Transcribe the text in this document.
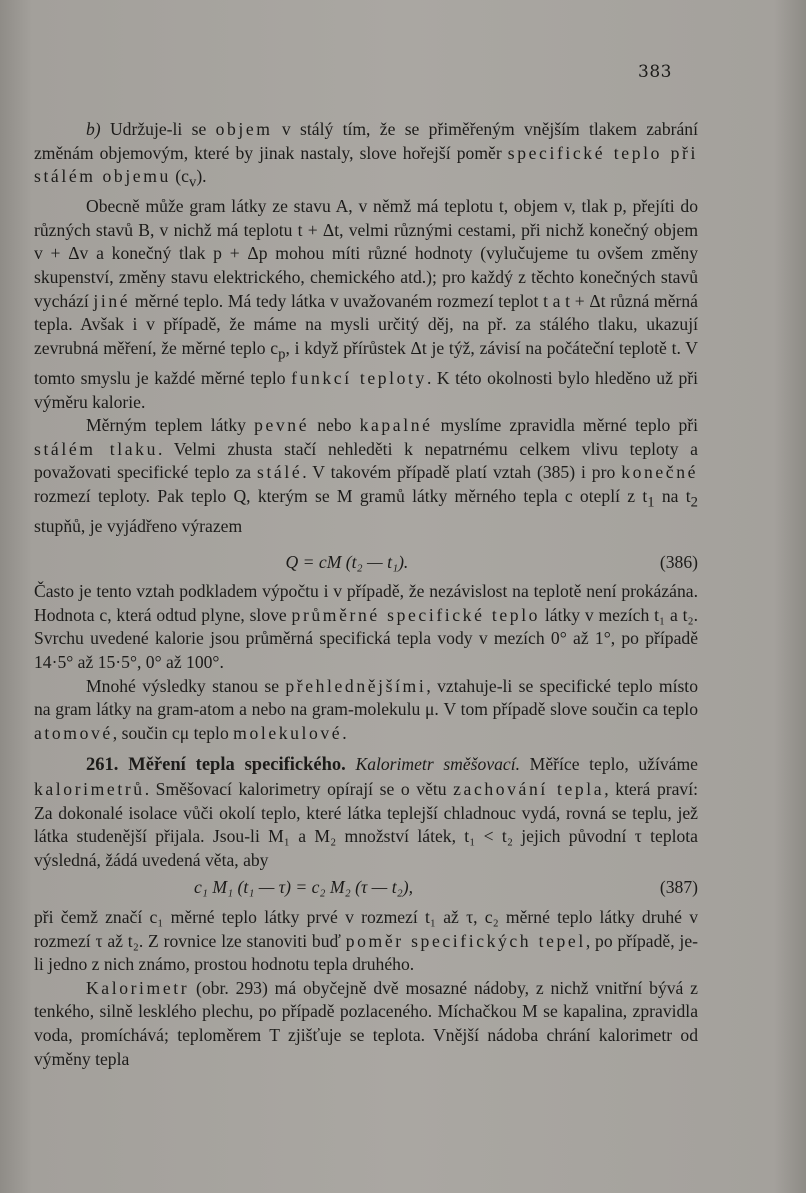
383

b) Udržuje-li se objem v stálý tím, že se přiměřeným vnějším tlakem zabrání změnám objemovým, které by jinak nastaly, slove hořejší poměr specifické teplo při stálém objemu $(c_v)$.

Obecně může gram látky ze stavu A, v němž má teplotu t, objem v, tlak p, přejíti do různých stavů B, v nichž má teplotu t + Δt, velmi různými cestami, při nichž konečný objem v + Δv a konečný tlak p + Δp mohou míti různé hodnoty (vylučujeme tu ovšem změny skupenství, změny stavu elektrického, chemického atd.); pro každý z těchto konečných stavů vychází jiné měrné teplo. Má tedy látka v uvažovaném rozmezí teplot t a t + Δt různá měrná tepla. Avšak i v případě, že máme na mysli určitý děj, na př. za stálého tlaku, ukazují zevrubná měření, že měrné teplo $c_p$, i když přírůstek Δt je týž, závisí na počáteční teplotě t. V tomto smyslu je každé měrné teplo funkcí teploty. K této okolnosti bylo hleděno už při výměru kalorie.

Měrným teplem látky pevné nebo kapalné myslíme zpravidla měrné teplo při stálém tlaku. Velmi zhusta stačí nehleděti k nepatrnému celkem vlivu teploty a považovati specifické teplo za stálé. V takovém případě platí vztah (385) i pro konečné rozmezí teploty. Pak teplo Q, kterým se M gramů látky měrného tepla c oteplí z $t_1$ na $t_2$ stupňů, je vyjádřeno výrazem

Q = cM (t₂ — t₁).	(386)

Často je tento vztah podkladem výpočtu i v případě, že nezávislost na teplotě není prokázána. Hodnota c, která odtud plyne, slove průměrné specifické teplo látky v mezích t₁ a t₂. Svrchu uvedené kalorie jsou průměrná specifická tepla vody v mezích 0° až 1°, po případě 14·5° až 15·5°, 0° až 100°.

Mnohé výsledky stanou se přehlednějšími, vztahuje-li se specifické teplo místo na gram látky na gram-atom a nebo na gram-molekulu μ. V tom případě slove součin ca teplo atomové, součin cμ teplo molekulové.

261. Měření tepla specifického. Kalorimetr směšovací. Měříce teplo, užíváme kalorimetrů. Směšovací kalorimetry opírají se o větu zachování tepla, která praví: Za dokonalé isolace vůči okolí teplo, které látka teplejší chladnouc vydá, rovná se teplu, jež látka studenější přijala. Jsou-li M₁ a M₂ množství látek, t₁ < t₂ jejich původní τ teplota výsledná, žádá uvedená věta, aby

c₁ M₁ (t₁ — τ) = c₂ M₂ (τ — t₂),	(387)

při čemž značí c₁ měrné teplo látky prvé v rozmezí t₁ až τ, c₂ měrné teplo látky druhé v rozmezí τ až t₂. Z rovnice lze stanoviti buď poměr specifických tepel, po případě, je-li jedno z nich známo, prostou hodnotu tepla druhého.

Kalorimetr (obr. 293) má obyčejně dvě mosazné nádoby, z nichž vnitřní bývá z tenkého, silně lesklého plechu, po případě pozlaceného. Míchačkou M se kapalina, zpravidla voda, promíchává; teploměrem T zjišťuje se teplota. Vnější nádoba chrání kalorimetr od výměny tepla
